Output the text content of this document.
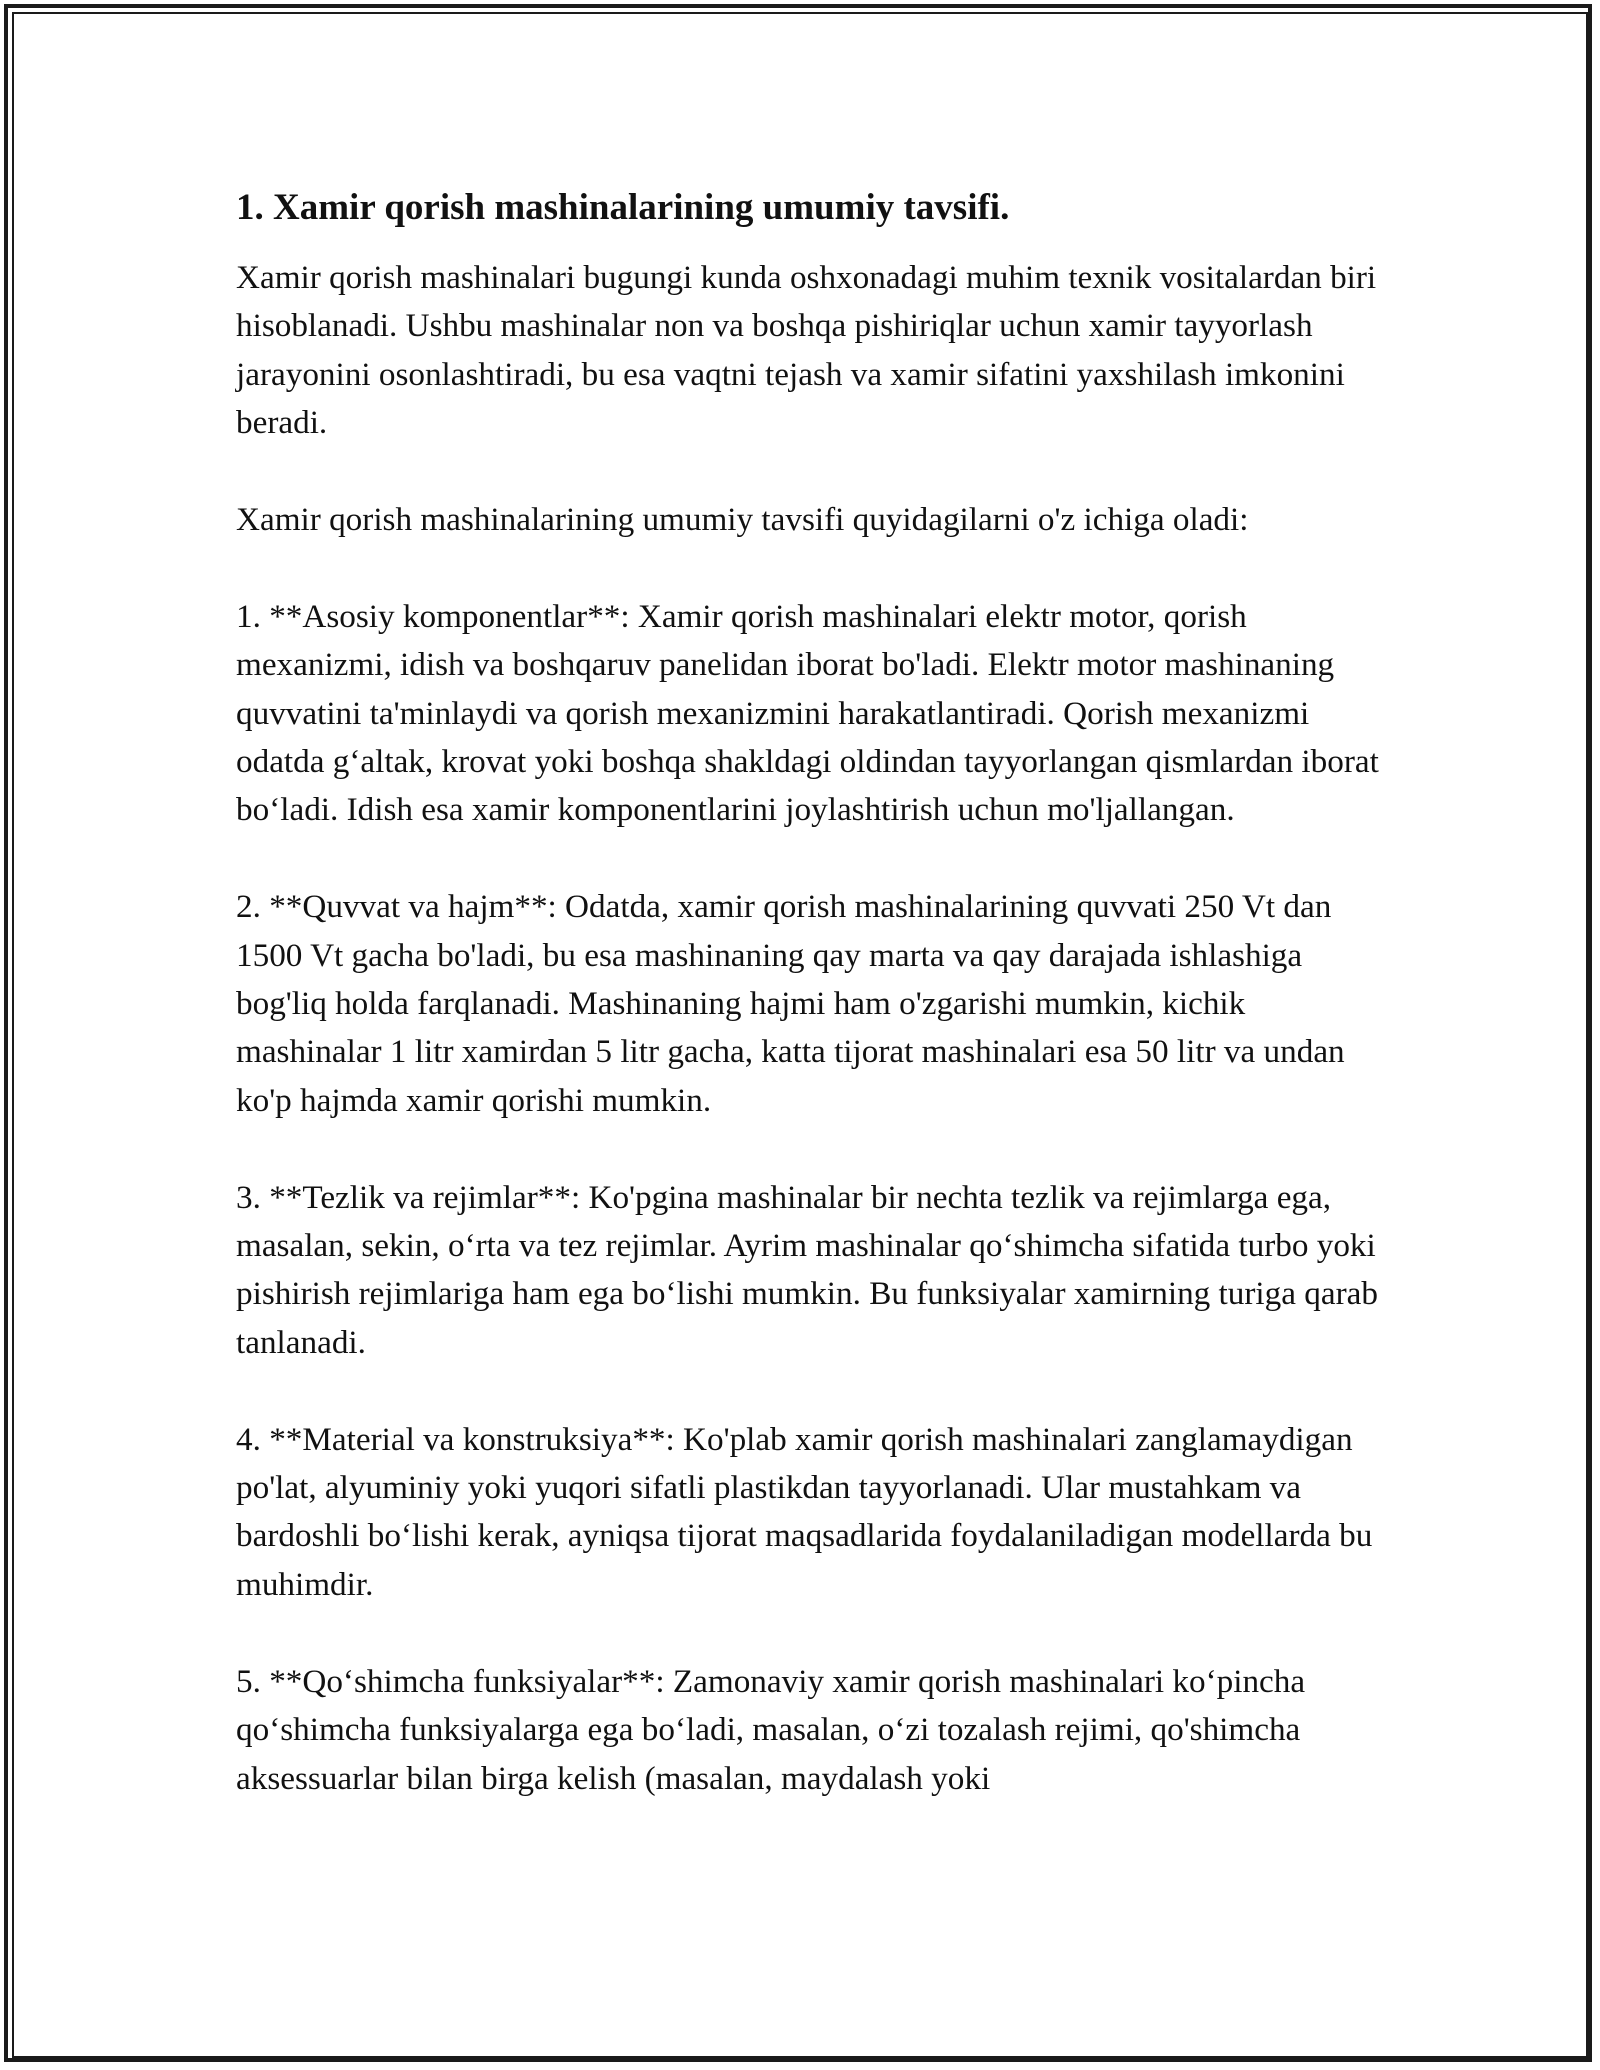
1. Xamir qorish mashinalarining umumiy tavsifi.

Xamir qorish mashinalari bugungi kunda oshxonadagi muhim texnik vositalardan biri hisoblanadi. Ushbu mashinalar non va boshqa pishiriqlar uchun xamir tayyorlash jarayonini osonlashtiradi, bu esa vaqtni tejash va xamir sifatini yaxshilash imkonini beradi.

Xamir qorish mashinalarining umumiy tavsifi quyidagilarni o'z ichiga oladi:

1. **Asosiy komponentlar**: Xamir qorish mashinalari elektr motor, qorish mexanizmi, idish va boshqaruv panelidan iborat bo'ladi. Elektr motor mashinaning quvvatini ta'minlaydi va qorish mexanizmini harakatlantiradi. Qorish mexanizmi odatda g‘altak, krovat yoki boshqa shakldagi oldindan tayyorlangan qismlardan iborat bo‘ladi. Idish esa xamir komponentlarini joylashtirish uchun mo'ljallangan.

2. **Quvvat va hajm**: Odatda, xamir qorish mashinalarining quvvati 250 Vt dan 1500 Vt gacha bo'ladi, bu esa mashinaning qay marta va qay darajada ishlashiga bog'liq holda farqlanadi. Mashinaning hajmi ham o'zgarishi mumkin, kichik mashinalar 1 litr xamirdan 5 litr gacha, katta tijorat mashinalari esa 50 litr va undan ko'p hajmda xamir qorishi mumkin.

3. **Tezlik va rejimlar**: Ko'pgina mashinalar bir nechta tezlik va rejimlarga ega, masalan, sekin, o‘rta va tez rejimlar. Ayrim mashinalar qo‘shimcha sifatida turbo yoki pishirish rejimlariga ham ega bo‘lishi mumkin. Bu funksiyalar xamirning turiga qarab tanlanadi.

4. **Material va konstruksiya**: Ko'plab xamir qorish mashinalari zanglamaydigan po'lat, alyuminiy yoki yuqori sifatli plastikdan tayyorlanadi. Ular mustahkam va bardoshli bo‘lishi kerak, ayniqsa tijorat maqsadlarida foydalaniladigan modellarda bu muhimdir.

5. **Qo‘shimcha funksiyalar**: Zamonaviy xamir qorish mashinalari ko‘pincha qo‘shimcha funksiyalarga ega bo‘ladi, masalan, o‘zi tozalash rejimi, qo'shimcha aksessuarlar bilan birga kelish (masalan, maydalash yoki
